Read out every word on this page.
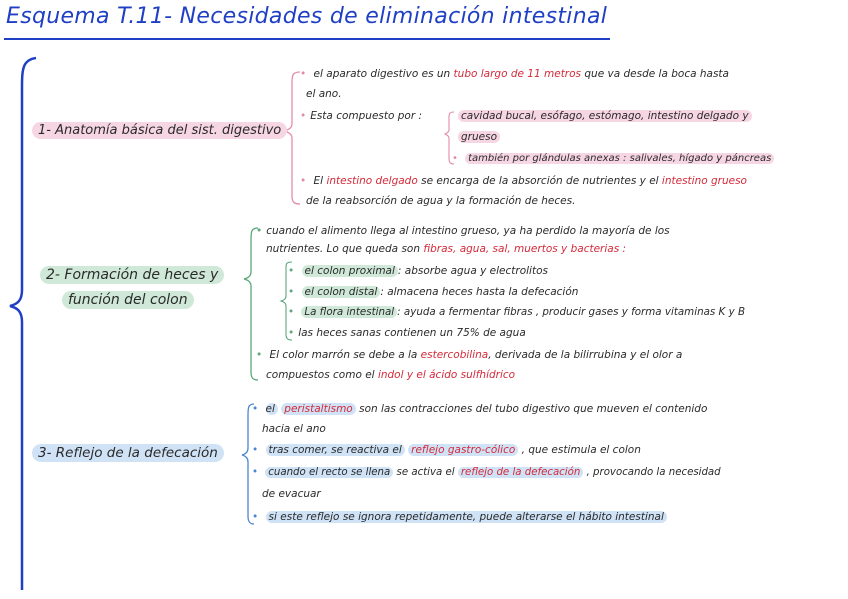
Esquema T.11- Necesidades de eliminación intestinal
1- Anatomía básica del sist. digestivo
• el aparato digestivo es un tubo largo de 11 metros que va desde la boca hasta
el ano.
• Esta compuesto por :	cavidad bucal, esófago, estómago, intestino delgado y
grueso
• también por glándulas anexas : salivales, hígado y páncreas
• El intestino delgado se encarga de la absorción de nutrientes y el intestino grueso
de la reabsorción de agua y la formación de heces.
2- Formación de heces y
función del colon
• cuando el alimento llega al intestino grueso, ya ha perdido la mayoría de los
nutrientes. Lo que queda son fibras, agua, sal, muertos y bacterias :
• el colon proximal : absorbe agua y electrolitos
• el colon distal : almacena heces hasta la defecación
• La flora intestinal : ayuda a fermentar fibras , producir gases y forma vitaminas K y B
• las heces sanas contienen un 75% de agua
• El color marrón se debe a la estercobilina, derivada de la bilirrubina y el olor a
compuestos como el indol y el ácido sulfhídrico
3- Reflejo de la defecación
• el peristaltismo son las contracciones del tubo digestivo que mueven el contenido
hacia el ano
• tras comer, se reactiva el reflejo gastro-cólico , que estimula el colon
• cuando el recto se llena se activa el reflejo de la defecación , provocando la necesidad
de evacuar
• si este reflejo se ignora repetidamente, puede alterarse el hábito intestinal
